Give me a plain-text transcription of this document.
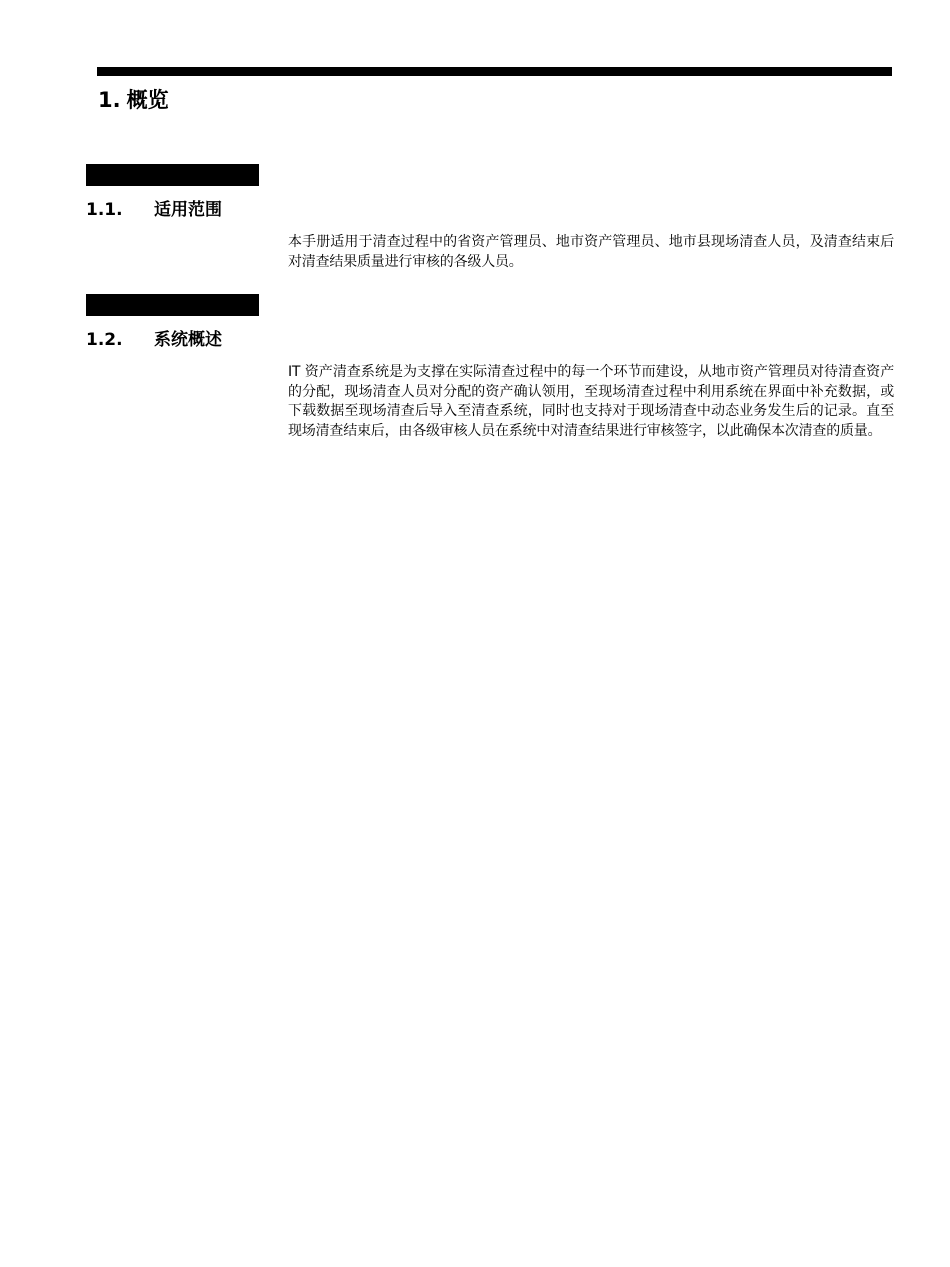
1. 概览
1.1. 适用范围
本手册适用于清查过程中的省资产管理员、地市资产管理员、地市县现场清查人员，及清查结束后对清查结果质量进行审核的各级人员。
1.2. 系统概述
IT 资产清查系统是为支撑在实际清查过程中的每一个环节而建设，从地市资产管理员对待清查资产的分配，现场清查人员对分配的资产确认领用，至现场清查过程中利用系统在界面中补充数据，或下载数据至现场清查后导入至清查系统，同时也支持对于现场清查中动态业务发生后的记录。直至现场清查结束后，由各级审核人员在系统中对清查结果进行审核签字，以此确保本次清查的质量。
